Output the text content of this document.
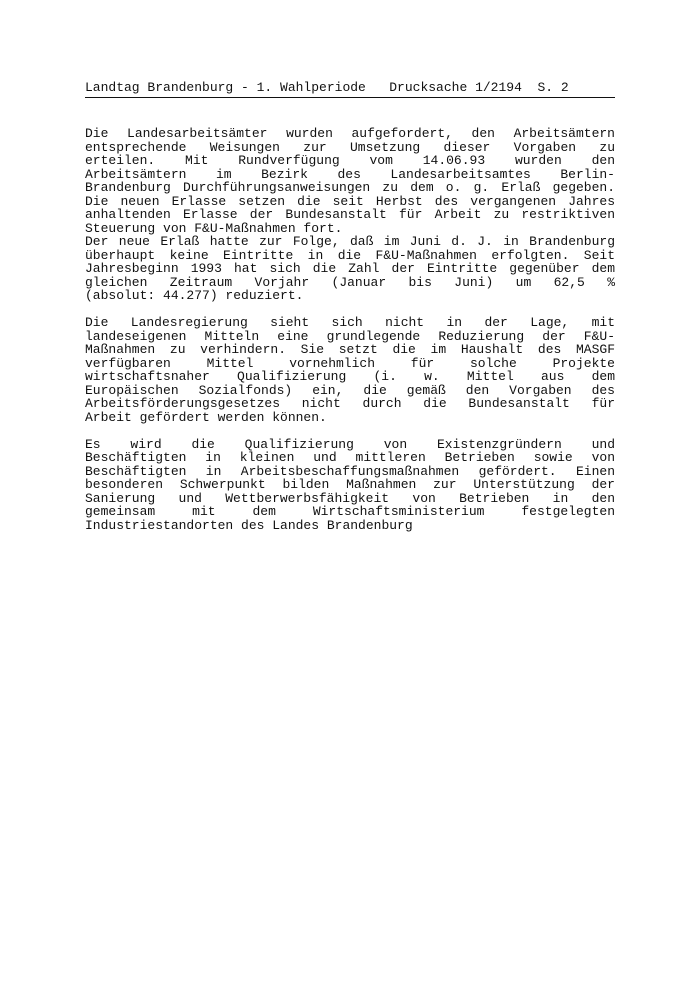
Landtag Brandenburg - 1. Wahlperiode   Drucksache 1/2194  S. 2
Die Landesarbeitsämter wurden aufgefordert, den Arbeitsämtern
entsprechende Weisungen zur Umsetzung dieser Vorgaben zu
erteilen. Mit Rundverfügung vom 14.06.93 wurden den
Arbeitsämtern im Bezirk des Landesarbeitsamtes Berlin-
Brandenburg Durchführungsanweisungen zu dem o. g. Erlaß gegeben.
Die neuen Erlasse setzen die seit Herbst des vergangenen Jahres
anhaltenden Erlasse der Bundesanstalt für Arbeit zu restriktiven
Steuerung von F&U-Maßnahmen fort.
Der neue Erlaß hatte zur Folge, daß im Juni d. J. in Brandenburg
überhaupt keine Eintritte in die F&U-Maßnahmen erfolgten. Seit
Jahresbeginn 1993 hat sich die Zahl der Eintritte gegenüber dem
gleichen Zeitraum Vorjahr (Januar bis Juni) um 62,5 %
(absolut: 44.277) reduziert.
Die Landesregierung sieht sich nicht in der Lage, mit
landeseigenen Mitteln eine grundlegende Reduzierung der F&U-
Maßnahmen zu verhindern. Sie setzt die im Haushalt des MASGF
verfügbaren Mittel vornehmlich für solche Projekte
wirtschaftsnaher Qualifizierung (i. w. Mittel aus dem
Europäischen Sozialfonds) ein, die gemäß den Vorgaben des
Arbeitsförderungsgesetzes nicht durch die Bundesanstalt für
Arbeit gefördert werden können.
Es wird die Qualifizierung von Existenzgründern und
Beschäftigten in kleinen und mittleren Betrieben sowie von
Beschäftigten in Arbeitsbeschaffungsmaßnahmen gefördert. Einen
besonderen Schwerpunkt bilden Maßnahmen zur Unterstützung der
Sanierung und Wettberwerbsfähigkeit von Betrieben in den
gemeinsam mit dem Wirtschaftsministerium festgelegten
Industriestandorten des Landes Brandenburg
